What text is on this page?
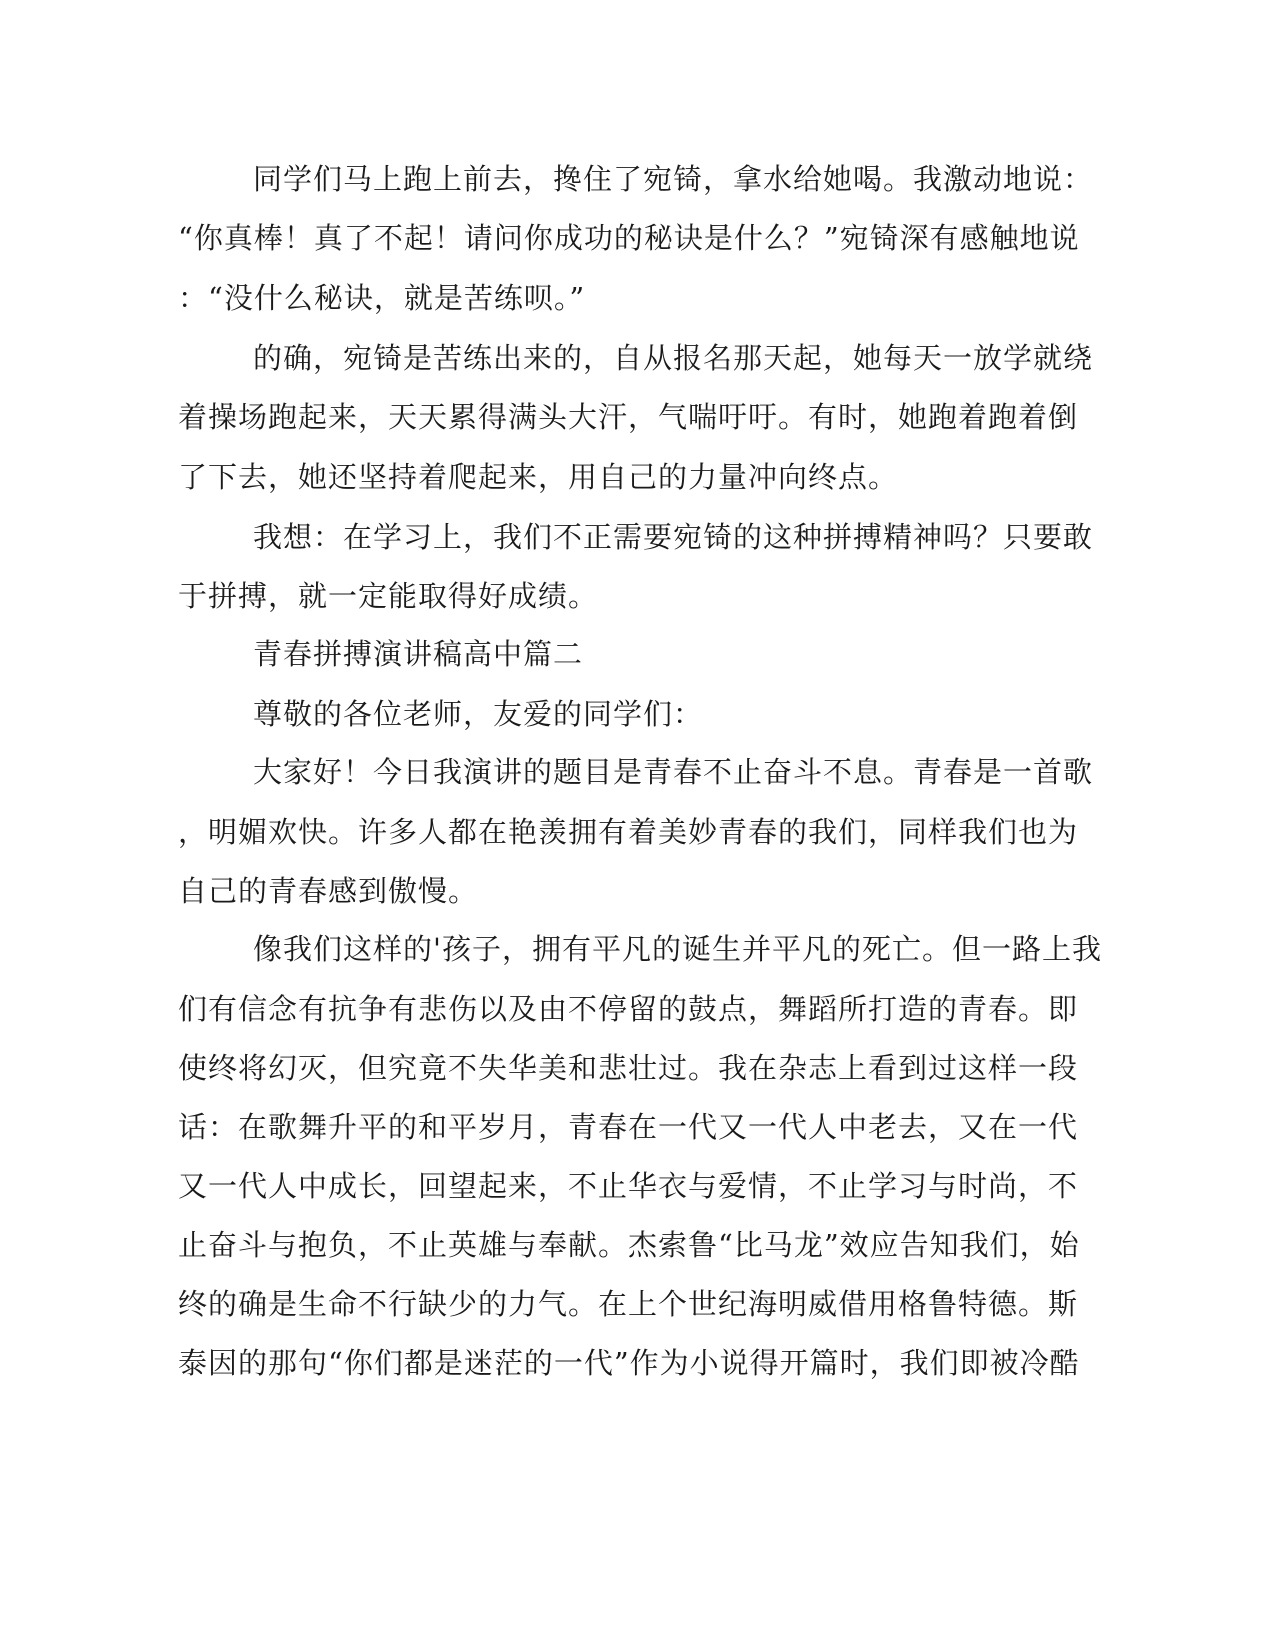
同学们马上跑上前去，搀住了宛锜，拿水给她喝。我激动地说：
“你真棒！真了不起！请问你成功的秘诀是什么？”宛锜深有感触地说
：“没什么秘诀，就是苦练呗。”
的确，宛锜是苦练出来的，自从报名那天起，她每天一放学就绕
着操场跑起来，天天累得满头大汗，气喘吁吁。有时，她跑着跑着倒
了下去，她还坚持着爬起来，用自己的力量冲向终点。
我想：在学习上，我们不正需要宛锜的这种拼搏精神吗？只要敢
于拼搏，就一定能取得好成绩。
青春拼搏演讲稿高中篇二
尊敬的各位老师，友爱的同学们：
大家好！今日我演讲的题目是青春不止奋斗不息。青春是一首歌
，明媚欢快。许多人都在艳羡拥有着美妙青春的我们，同样我们也为
自己的青春感到傲慢。
像我们这样的'孩子，拥有平凡的诞生并平凡的死亡。但一路上我
们有信念有抗争有悲伤以及由不停留的鼓点，舞蹈所打造的青春。即
使终将幻灭，但究竟不失华美和悲壮过。我在杂志上看到过这样一段
话：在歌舞升平的和平岁月，青春在一代又一代人中老去，又在一代
又一代人中成长，回望起来，不止华衣与爱情，不止学习与时尚，不
止奋斗与抱负，不止英雄与奉献。杰索鲁“比马龙”效应告知我们，始
终的确是生命不行缺少的力气。在上个世纪海明威借用格鲁特德。斯
泰因的那句“你们都是迷茫的一代”作为小说得开篇时，我们即被冷酷
